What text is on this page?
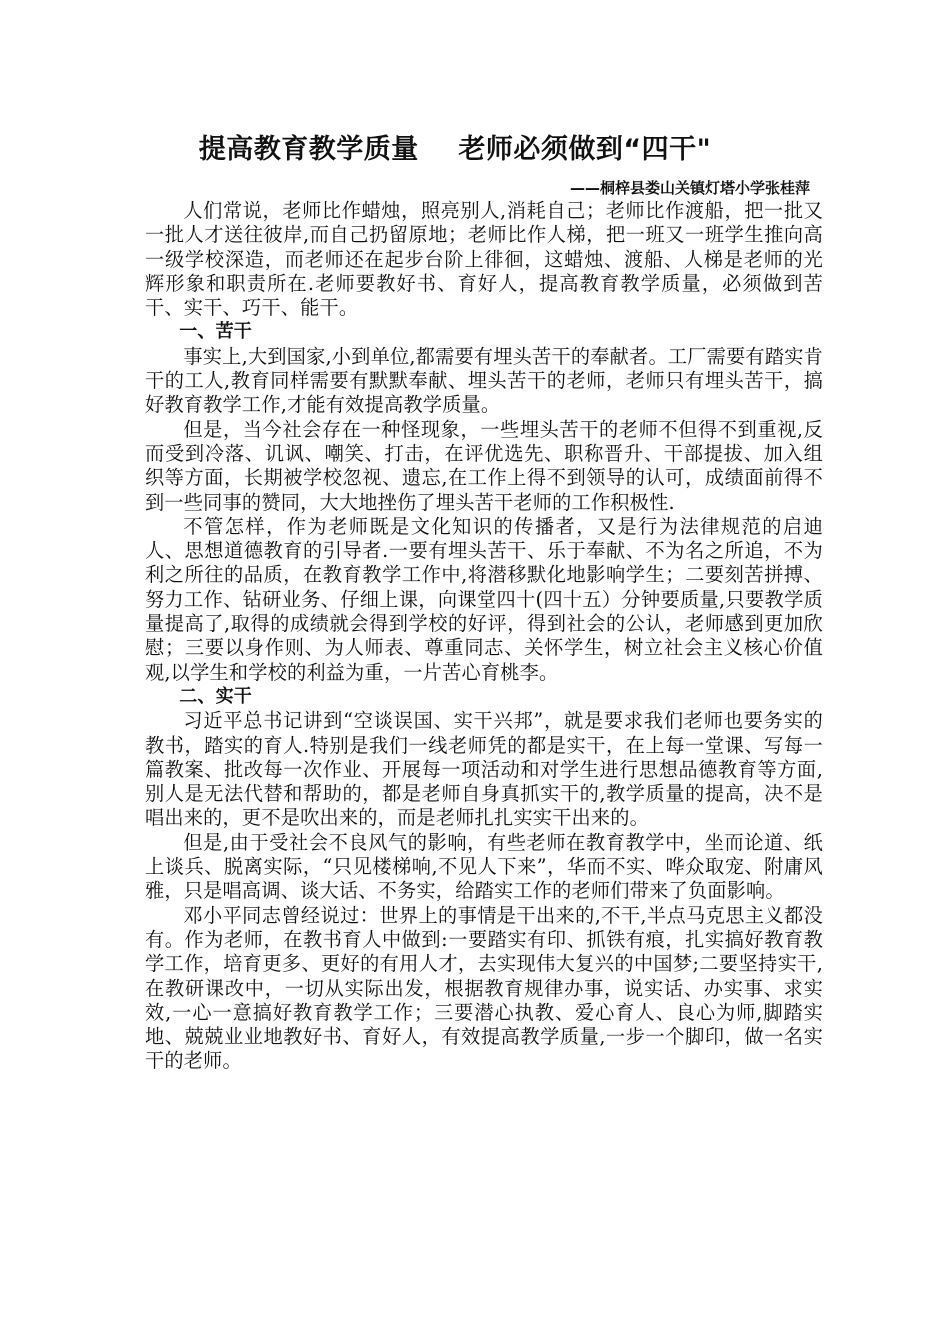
提高教育教学质量    老师必须做到“四干"
——桐梓县娄山关镇灯塔小学张桂萍

人们常说，老师比作蜡烛，照亮别人,消耗自己；老师比作渡船，把一批又一批人才送往彼岸,而自己扔留原地；老师比作人梯，把一班又一班学生推向高一级学校深造，而老师还在起步台阶上徘徊，这蜡烛、渡船、人梯是老师的光辉形象和职责所在.老师要教好书、育好人，提高教育教学质量，必须做到苦干、实干、巧干、能干。

一、苦干

事实上,大到国家,小到单位,都需要有埋头苦干的奉献者。工厂需要有踏实肯干的工人,教育同样需要有默默奉献、埋头苦干的老师，老师只有埋头苦干，搞好教育教学工作,才能有效提高教学质量。

但是，当今社会存在一种怪现象，一些埋头苦干的老师不但得不到重视,反而受到冷落、讥讽、嘲笑、打击，在评优选先、职称晋升、干部提拔、加入组织等方面，长期被学校忽视、遗忘,在工作上得不到领导的认可，成绩面前得不到一些同事的赞同，大大地挫伤了埋头苦干老师的工作积极性.

不管怎样，作为老师既是文化知识的传播者，又是行为法律规范的启迪人、思想道德教育的引导者.一要有埋头苦干、乐于奉献、不为名之所追，不为利之所往的品质，在教育教学工作中,将潜移默化地影响学生；二要刻苦拼搏、努力工作、钻研业务、仔细上课，向课堂四十(四十五）分钟要质量,只要教学质量提高了,取得的成绩就会得到学校的好评，得到社会的公认，老师感到更加欣慰；三要以身作则、为人师表、尊重同志、关怀学生，树立社会主义核心价值观,以学生和学校的利益为重，一片苦心育桃李。

二、实干

习近平总书记讲到“空谈误国、实干兴邦”，就是要求我们老师也要务实的教书，踏实的育人.特别是我们一线老师凭的都是实干，在上每一堂课、写每一篇教案、批改每一次作业、开展每一项活动和对学生进行思想品德教育等方面,别人是无法代替和帮助的，都是老师自身真抓实干的,教学质量的提高，决不是唱出来的，更不是吹出来的，而是老师扎扎实实干出来的。

但是,由于受社会不良风气的影响，有些老师在教育教学中，坐而论道、纸上谈兵、脱离实际，“只见楼梯响,不见人下来”，华而不实、哗众取宠、附庸风雅，只是唱高调、谈大话、不务实，给踏实工作的老师们带来了负面影响。

邓小平同志曾经说过：世界上的事情是干出来的,不干,半点马克思主义都没有。作为老师，在教书育人中做到:一要踏实有印、抓铁有痕，扎实搞好教育教学工作，培育更多、更好的有用人才，去实现伟大复兴的中国梦;二要坚持实干,在教研课改中，一切从实际出发，根据教育规律办事，说实话、办实事、求实效,一心一意搞好教育教学工作；三要潜心执教、爱心育人、良心为师,脚踏实地、兢兢业业地教好书、育好人，有效提高教学质量,一步一个脚印，做一名实干的老师。
